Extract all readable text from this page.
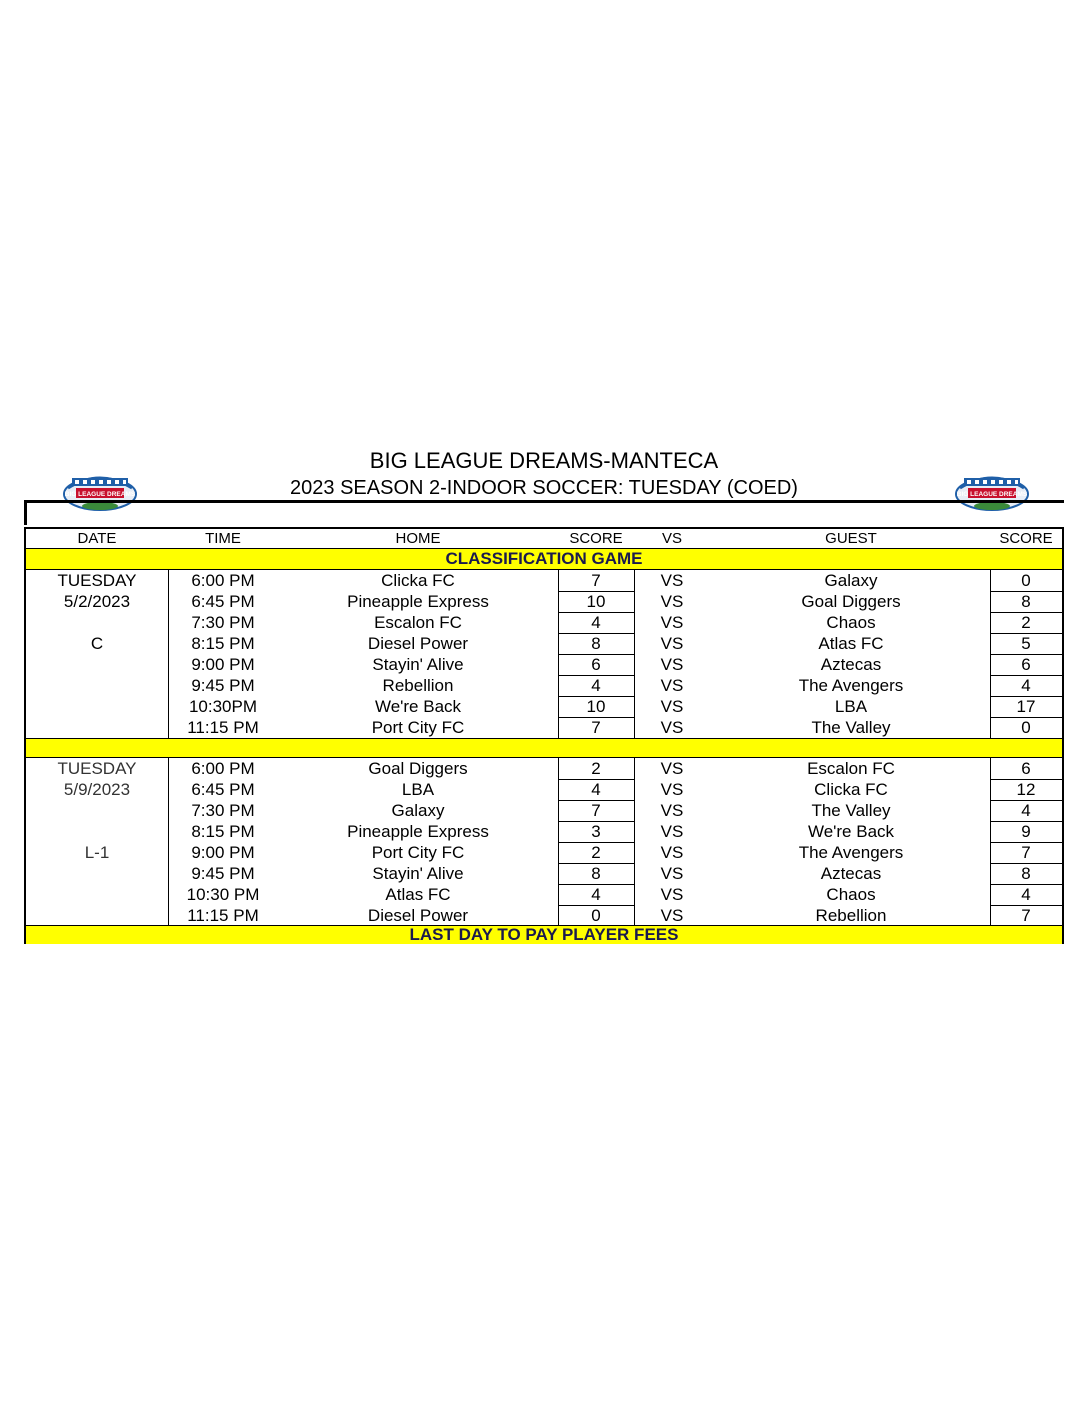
BIG LEAGUE DREAMS-MANTECA
2023 SEASON 2-INDOOR SOCCER: TUESDAY (COED)
BIG LEAGUE DREAMS	BIG LEAGUE DREAMS
DATE	TIME	HOME	SCORE	VS	GUEST	SCORE
CLASSIFICATION GAME
TUESDAY
5/2/2023
C
6:00 PM	Clicka FC	7	VS	Galaxy	0
6:45 PM	Pineapple Express	10	VS	Goal Diggers	8
7:30 PM	Escalon FC	4	VS	Chaos	2
8:15 PM	Diesel Power	8	VS	Atlas FC	5
9:00 PM	Stayin' Alive	6	VS	Aztecas	6
9:45 PM	Rebellion	4	VS	The Avengers	4
10:30PM	We're Back	10	VS	LBA	17
11:15 PM	Port City FC	7	VS	The Valley	0
TUESDAY
5/9/2023
L-1
6:00 PM	Goal Diggers	2	VS	Escalon FC	6
6:45 PM	LBA	4	VS	Clicka FC	12
7:30 PM	Galaxy	7	VS	The Valley	4
8:15 PM	Pineapple Express	3	VS	We're Back	9
9:00 PM	Port City FC	2	VS	The Avengers	7
9:45 PM	Stayin' Alive	8	VS	Aztecas	8
10:30 PM	Atlas FC	4	VS	Chaos	4
11:15 PM	Diesel Power	0	VS	Rebellion	7
LAST DAY TO PAY PLAYER FEES
